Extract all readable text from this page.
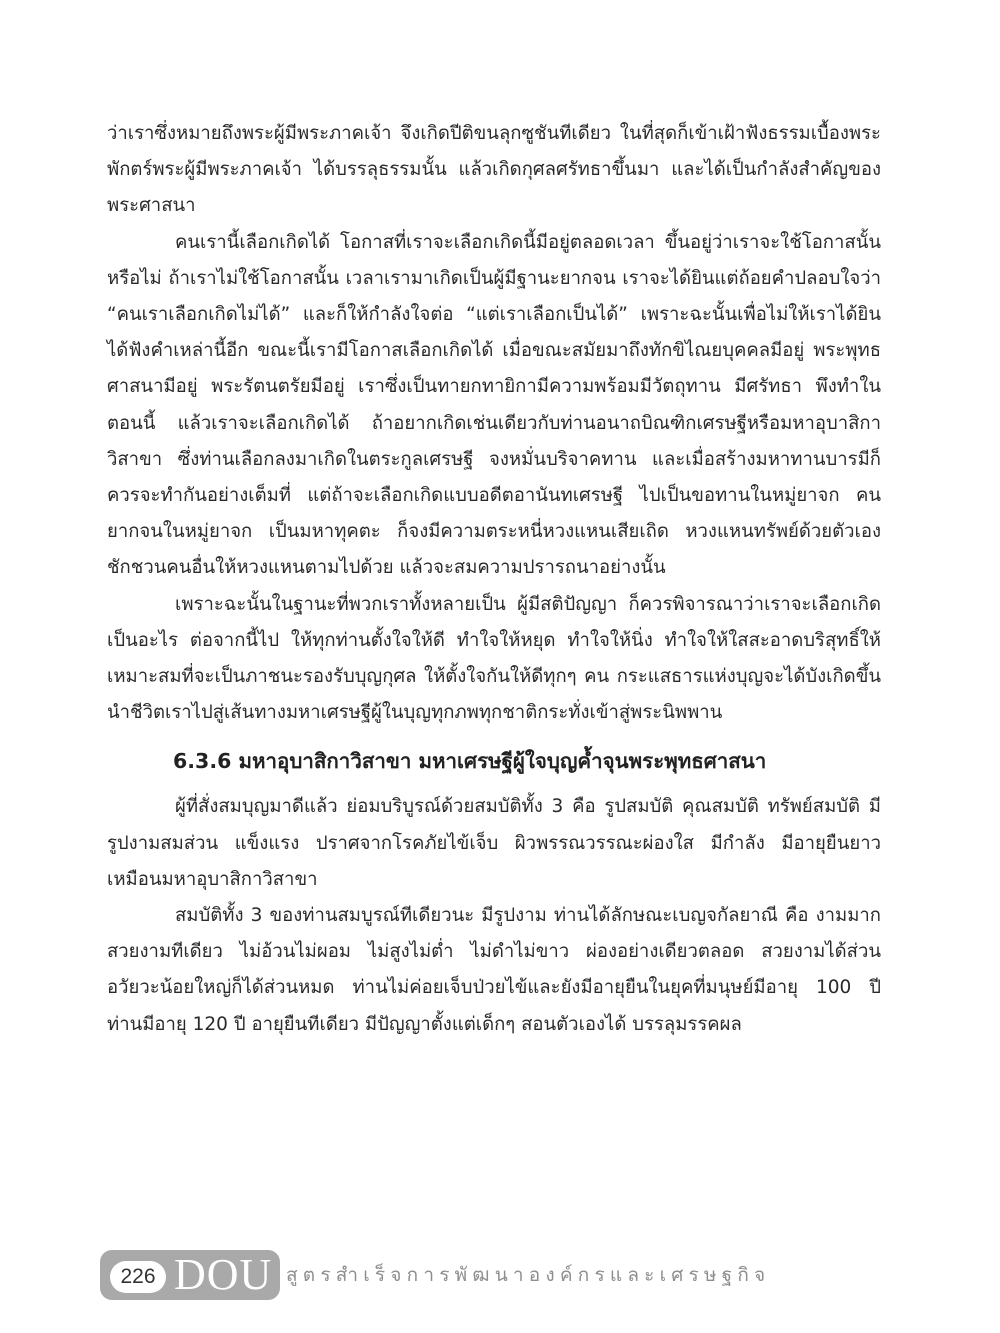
ว่าเราซึ่งหมายถึงพระผู้มีพระภาคเจ้า จึงเกิดปีติขนลุกซูชันทีเดียว ในที่สุดก็เข้าเฝ้าฟังธรรมเบื้องพระพักตร์พระผู้มีพระภาคเจ้า ได้บรรลุธรรมนั้น แล้วเกิดกุศลศรัทธาขึ้นมา และได้เป็นกำลังสำคัญของพระศาสนา

คนเรานี้เลือกเกิดได้ โอกาสที่เราจะเลือกเกิดนี้มีอยู่ตลอดเวลา ขึ้นอยู่ว่าเราจะใช้โอกาสนั้นหรือไม่ ถ้าเราไม่ใช้โอกาสนั้น เวลาเรามาเกิดเป็นผู้มีฐานะยากจน เราจะได้ยินแต่ถ้อยคำปลอบใจว่า “คนเราเลือกเกิดไม่ได้” และก็ให้กำลังใจต่อ “แต่เราเลือกเป็นได้” เพราะฉะนั้นเพื่อไม่ให้เราได้ยินได้ฟังคำเหล่านี้อีก ขณะนี้เรามีโอกาสเลือกเกิดได้ เมื่อขณะสมัยมาถึงทักขิไณยบุคคลมีอยู่ พระพุทธศาสนามีอยู่ พระรัตนตรัยมีอยู่ เราซึ่งเป็นทายกทายิกามีความพร้อมมีวัตถุทาน มีศรัทธา พึงทำในตอนนี้ แล้วเราจะเลือกเกิดได้ ถ้าอยากเกิดเช่นเดียวกับท่านอนาถบิณฑิกเศรษฐีหรือมหาอุบาสิกาวิสาขา ซึ่งท่านเลือกลงมาเกิดในตระกูลเศรษฐี จงหมั่นบริจาคทาน และเมื่อสร้างมหาทานบารมีก็ควรจะทำกันอย่างเต็มที่ แต่ถ้าจะเลือกเกิดแบบอดีตอานันทเศรษฐี ไปเป็นขอทานในหมู่ยาจก คนยากจนในหมู่ยาจก เป็นมหาทุคตะ ก็จงมีความตระหนี่หวงแหนเสียเถิด หวงแหนทรัพย์ด้วยตัวเอง ชักชวนคนอื่นให้หวงแหนตามไปด้วย แล้วจะสมความปรารถนาอย่างนั้น

เพราะฉะนั้นในฐานะที่พวกเราทั้งหลายเป็น ผู้มีสติปัญญา ก็ควรพิจารณาว่าเราจะเลือกเกิดเป็นอะไร ต่อจากนี้ไป ให้ทุกท่านตั้งใจให้ดี ทำใจให้หยุด ทำใจให้นิ่ง ทำใจให้ใสสะอาดบริสุทธิ์ให้เหมาะสมที่จะเป็นภาชนะรองรับบุญกุศล ให้ตั้งใจกันให้ดีทุกๆ คน กระแสธารแห่งบุญจะได้บังเกิดขึ้น นำชีวิตเราไปสู่เส้นทางมหาเศรษฐีผู้ในบุญทุกภพทุกชาติกระทั่งเข้าสู่พระนิพพาน

6.3.6 มหาอุบาสิกาวิสาขา มหาเศรษฐีผู้ใจบุญค้ำจุนพระพุทธศาสนา

ผู้ที่สั่งสมบุญมาดีแล้ว ย่อมบริบูรณ์ด้วยสมบัติทั้ง 3 คือ รูปสมบัติ คุณสมบัติ ทรัพย์สมบัติ มีรูปงามสมส่วน แข็งแรง ปราศจากโรคภัยไข้เจ็บ ผิวพรรณวรรณะผ่องใส มีกำลัง มีอายุยืนยาวเหมือนมหาอุบาสิกาวิสาขา

สมบัติทั้ง 3 ของท่านสมบูรณ์ทีเดียวนะ มีรูปงาม ท่านได้ลักษณะเบญจกัลยาณี คือ งามมาก สวยงามทีเดียว ไม่อ้วนไม่ผอม ไม่สูงไม่ต่ำ ไม่ดำไม่ขาว ผ่องอย่างเดียวตลอด สวยงามได้ส่วน อวัยวะน้อยใหญ่ก็ได้ส่วนหมด ท่านไม่ค่อยเจ็บป่วยไข้และยังมีอายุยืนในยุคที่มนุษย์มีอายุ 100 ปี ท่านมีอายุ 120 ปี อายุยืนทีเดียว มีปัญญาตั้งแต่เด็กๆ สอนตัวเองได้ บรรลุมรรคผล

226 DOU สูตรสำเร็จการพัฒนาองค์กรและเศรษฐกิจ
